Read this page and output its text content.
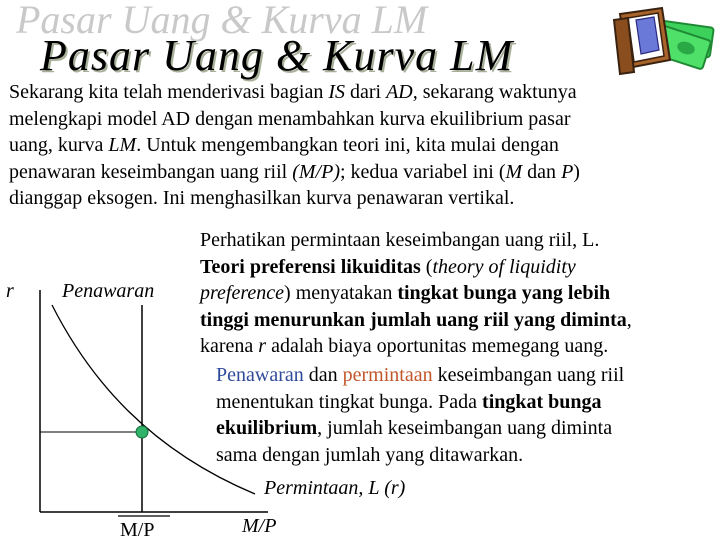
Pasar Uang & Kurva LM
Pasar Uang & Kurva LM
Sekarang kita telah menderivasi bagian IS dari AD, sekarang waktunya
melengkapi model AD dengan menambahkan kurva ekuilibrium pasar
uang, kurva LM. Untuk mengembangkan teori ini, kita mulai dengan
penawaran keseimbangan uang riil (M/P); kedua variabel ini (M dan P)
dianggap eksogen. Ini menghasilkan kurva penawaran vertikal.
Perhatikan permintaan keseimbangan uang riil, L.
Teori preferensi likuiditas (theory of liquidity
preference) menyatakan tingkat bunga yang lebih
tinggi menurunkan jumlah uang riil yang diminta,
karena r adalah biaya oportunitas memegang uang.
Penawaran dan permintaan keseimbangan uang riil
menentukan tingkat bunga. Pada tingkat bunga
ekuilibrium, jumlah keseimbangan uang diminta
sama dengan jumlah yang ditawarkan.
r Penawaran
Permintaan, L (r)
M/P	M/P
